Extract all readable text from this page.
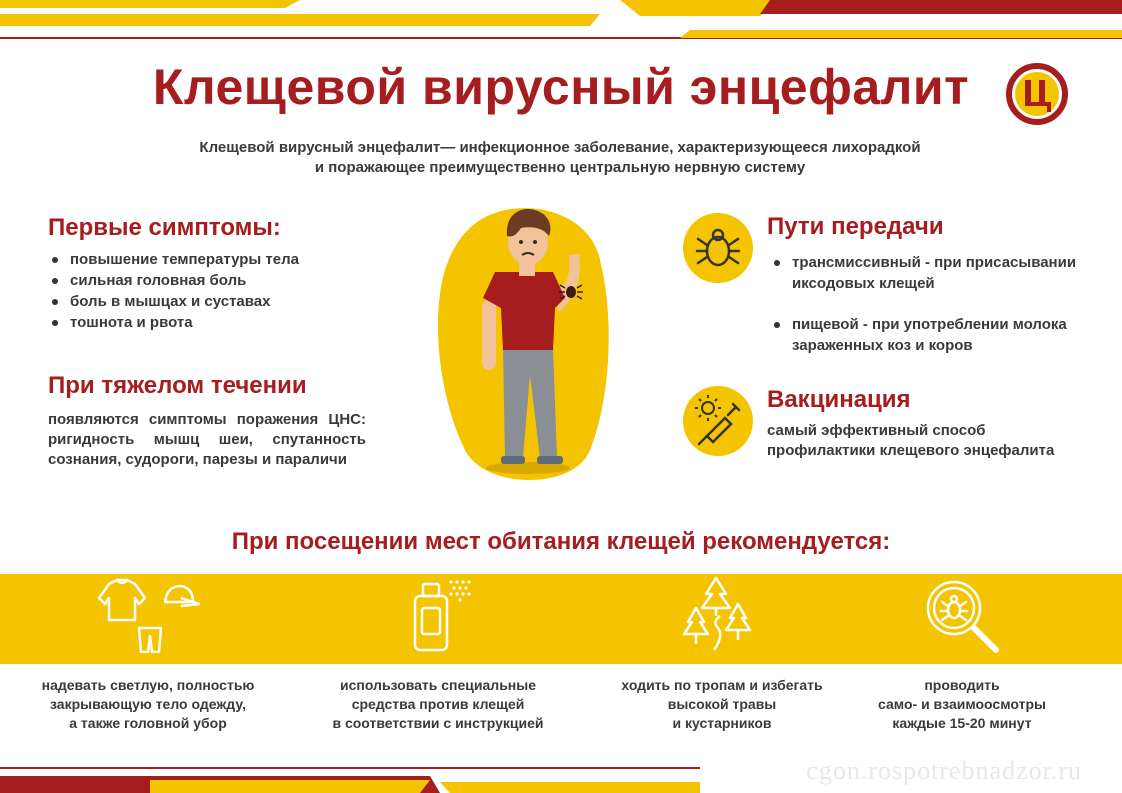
Клещевой вирусный энцефалит
Клещевой вирусный энцефалит— инфекционное заболевание, характеризующееся лихорадкой
и поражающее преимущественно центральную нервную систему
Первые симптомы:
повышение температуры тела
сильная головная боль
боль в мышцах и суставах
тошнота и рвота
При тяжелом течении
появляются симптомы поражения ЦНС: ригидность мышц шеи, спутанность сознания, судороги, парезы и параличи
Пути передачи
трансмиссивный - при присасывании иксодовых клещей
пищевой - при употреблении молока зараженных коз и коров
Вакцинация
самый эффективный способ профилактики клещевого энцефалита
При посещении мест обитания клещей рекомендуется:
надевать светлую, полностью
закрывающую тело одежду,
а также головной убор
использовать специальные
средства против клещей
в соответствии с инструкцией
ходить по тропам и избегать
высокой травы
и кустарников
проводить
само- и взаимоосмотры
каждые 15-20 минут
cgon.rospotrebnadzor.ru
